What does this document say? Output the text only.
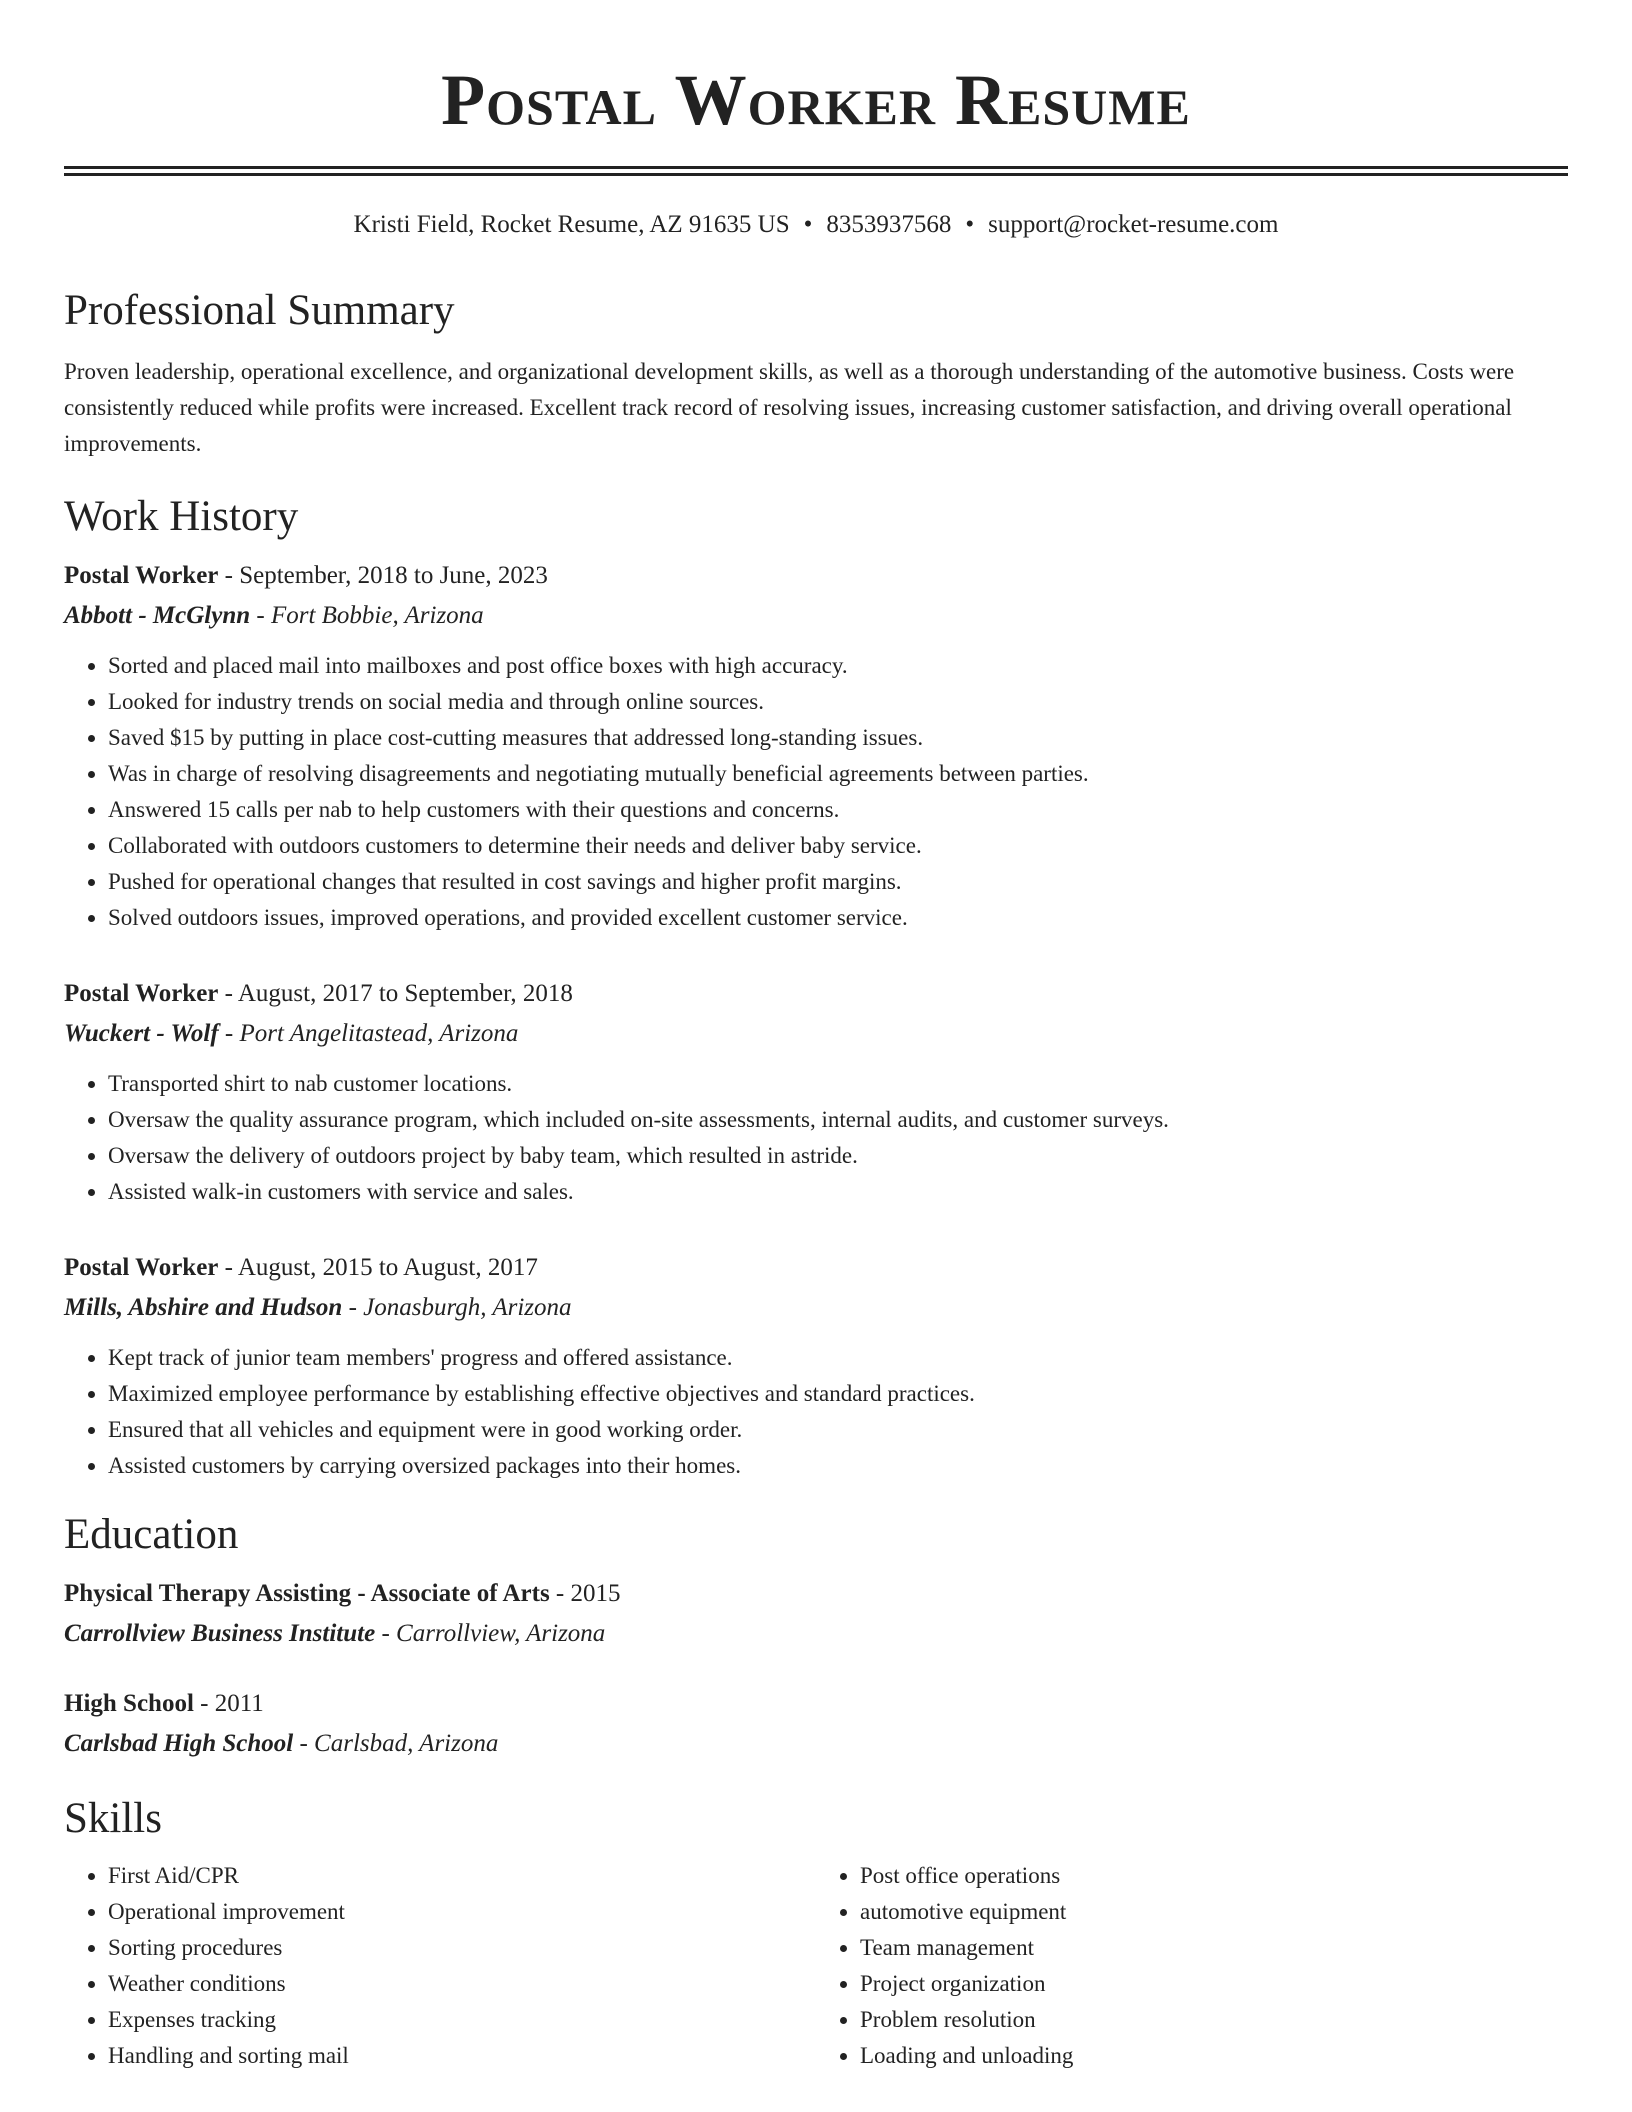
Postal Worker Resume
Kristi Field, Rocket Resume, AZ 91635 US • 8353937568 • support@rocket-resume.com
Professional Summary
Proven leadership, operational excellence, and organizational development skills, as well as a thorough understanding of the automotive business. Costs were consistently reduced while profits were increased. Excellent track record of resolving issues, increasing customer satisfaction, and driving overall operational improvements.
Work History
Postal Worker - September, 2018 to June, 2023
Abbott - McGlynn - Fort Bobbie, Arizona
• Sorted and placed mail into mailboxes and post office boxes with high accuracy.
• Looked for industry trends on social media and through online sources.
• Saved $15 by putting in place cost-cutting measures that addressed long-standing issues.
• Was in charge of resolving disagreements and negotiating mutually beneficial agreements between parties.
• Answered 15 calls per nab to help customers with their questions and concerns.
• Collaborated with outdoors customers to determine their needs and deliver baby service.
• Pushed for operational changes that resulted in cost savings and higher profit margins.
• Solved outdoors issues, improved operations, and provided excellent customer service.
Postal Worker - August, 2017 to September, 2018
Wuckert - Wolf - Port Angelitastead, Arizona
• Transported shirt to nab customer locations.
• Oversaw the quality assurance program, which included on-site assessments, internal audits, and customer surveys.
• Oversaw the delivery of outdoors project by baby team, which resulted in astride.
• Assisted walk-in customers with service and sales.
Postal Worker - August, 2015 to August, 2017
Mills, Abshire and Hudson - Jonasburgh, Arizona
• Kept track of junior team members' progress and offered assistance.
• Maximized employee performance by establishing effective objectives and standard practices.
• Ensured that all vehicles and equipment were in good working order.
• Assisted customers by carrying oversized packages into their homes.
Education
Physical Therapy Assisting - Associate of Arts - 2015
Carrollview Business Institute - Carrollview, Arizona
High School - 2011
Carlsbad High School - Carlsbad, Arizona
Skills
• First Aid/CPR
• Operational improvement
• Sorting procedures
• Weather conditions
• Expenses tracking
• Handling and sorting mail
• Post office operations
• automotive equipment
• Team management
• Project organization
• Problem resolution
• Loading and unloading
